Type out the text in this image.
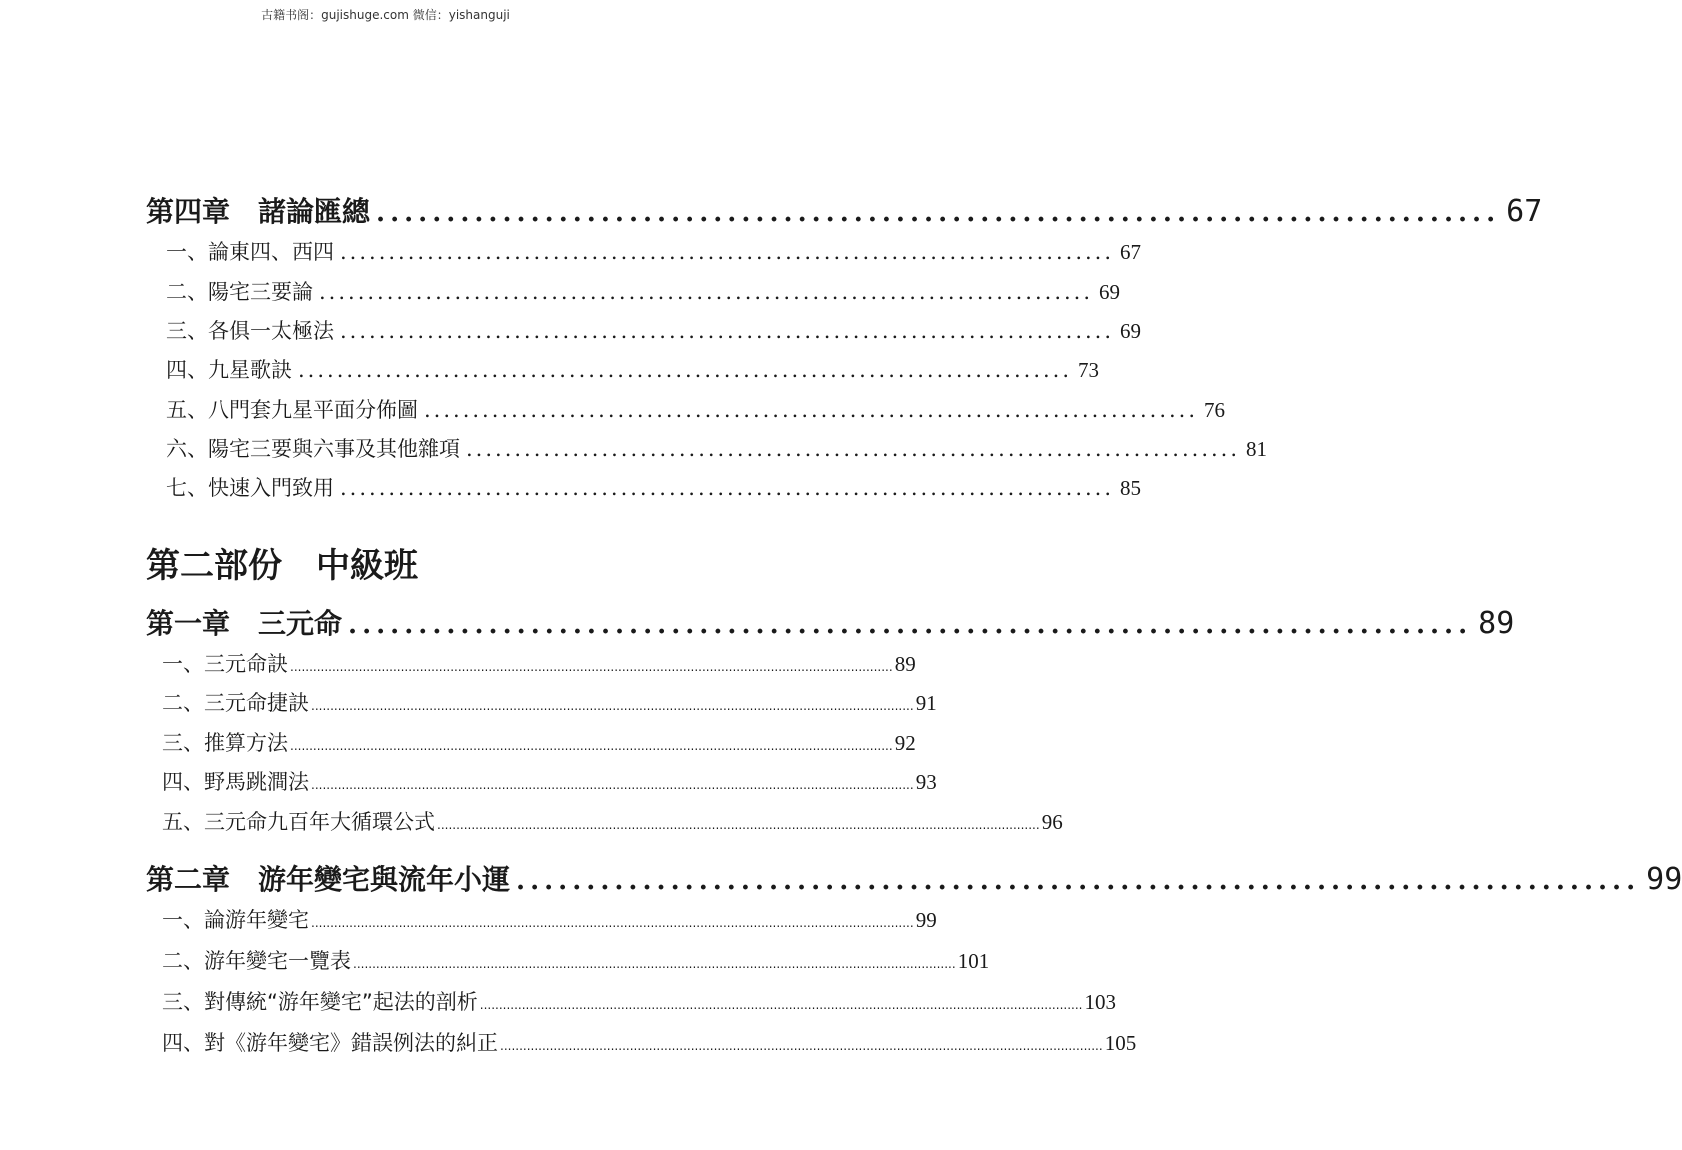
古籍书阁：gujishuge.com 微信：yishanguji
第四章　諸論匯總 ................................................................................ 67
一、論東四、西四 ................................................................................ 67
二、陽宅三要論 ................................................................................ 69
三、各俱一太極法 ................................................................................ 69
四、九星歌訣 ................................................................................ 73
五、八門套九星平面分佈圖 ................................................................................ 76
六、陽宅三要與六事及其他雜項 ................................................................................ 81
七、快速入門致用 ................................................................................ 85
第二部份　中級班
第一章　三元命 ................................................................................ 89
一、三元命訣 .............................................................................................................................................................. 89
二、三元命捷訣 .............................................................................................................................................................. 91
三、推算方法 .............................................................................................................................................................. 92
四、野馬跳澗法 .............................................................................................................................................................. 93
五、三元命九百年大循環公式 .............................................................................................................................................................. 96
第二章　游年變宅與流年小運 ................................................................................ 99
一、論游年變宅 .............................................................................................................................................................. 99
二、游年變宅一覽表 .............................................................................................................................................................. 101
三、對傳統“游年變宅”起法的剖析 .............................................................................................................................................................. 103
四、對《游年變宅》錯誤例法的糾正 .............................................................................................................................................................. 105
